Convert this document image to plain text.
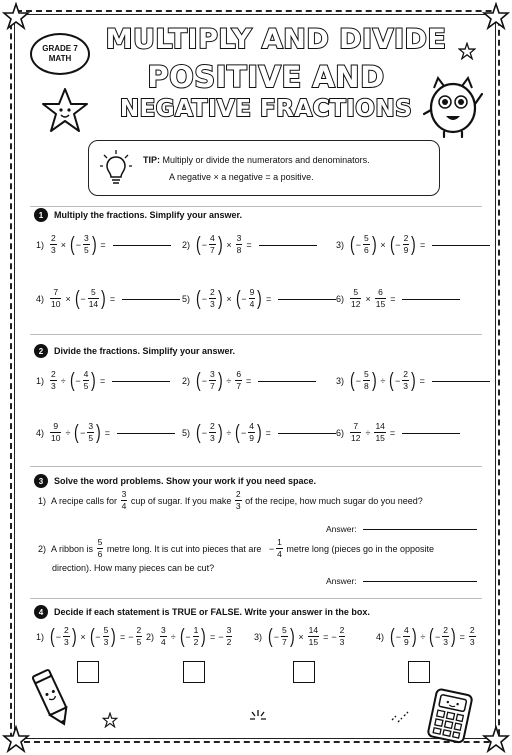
GRADE 7
MATH
MULTIPLY AND DIVIDE
POSITIVE AND
NEGATIVE FRACTIONS
TIP: Multiply or divide the numerators and denominators.
A negative × a negative = a positive.
1	Multiply the fractions. Simplify your answer.
$1) \frac{2}{3}$ × ( − $\frac{3}{5}$ ) =	2) ( − $\frac{4}{7}$ ) × $\frac{3}{8}$ =	3) ( − $\frac{5}{6}$ ) × ( − $\frac{2}{9}$ ) =
$4) \frac{7}{10}$ × ( − $\frac{5}{14}$ ) =	5) ( − $\frac{2}{3}$ ) × ( − $\frac{9}{4}$ ) =	$6) \frac{5}{12} \times \frac{6}{15}$ =
2	Divide the fractions. Simplify your answer.
$1) \frac{2}{3}$ ÷ ( − $\frac{4}{5}$ ) =	2) ( − $\frac{3}{7}$ ) ÷ $\frac{6}{7}$ =	3) ( − $\frac{5}{8}$ ) ÷ ( − $\frac{2}{3}$ ) =
$4) \frac{9}{10}$ ÷ ( − $\frac{3}{5}$ ) =	5) ( − $\frac{2}{3}$ ) ÷ ( − $\frac{4}{9}$ ) =	$6) \frac{7}{12} \div \frac{14}{15}$ =
3	Solve the word problems. Show your work if you need space.
1) A recipe calls for
$\frac{3}{4}$
cup of sugar. If you make
$\frac{2}{3}$
of the recipe, how much sugar do you need?
Answer:
2) A ribbon is
$\frac{5}{6}$
metre long. It is cut into pieces that are
− $\frac{1}{4}$
metre long (pieces go in the opposite
direction). How many pieces can be cut?
Answer:
4	Decide if each statement is TRUE or FALSE. Write your answer in the box.
1) ( − $\frac{2}{3}$ ) × ( − $\frac{5}{3}$ ) = − $\frac{2}{5} 2) \frac{3}{4}$ ÷ ( − $\frac{1}{2}$ ) = − $\frac{3}{2} 3$) ( − $\frac{5}{7}$ ) × $\frac{14}{15}$ = − $\frac{2}{3}$	4) ( − $\frac{4}{9}$ ) ÷ ( − $\frac{2}{3}$ ) = $\frac{2}{3}$
